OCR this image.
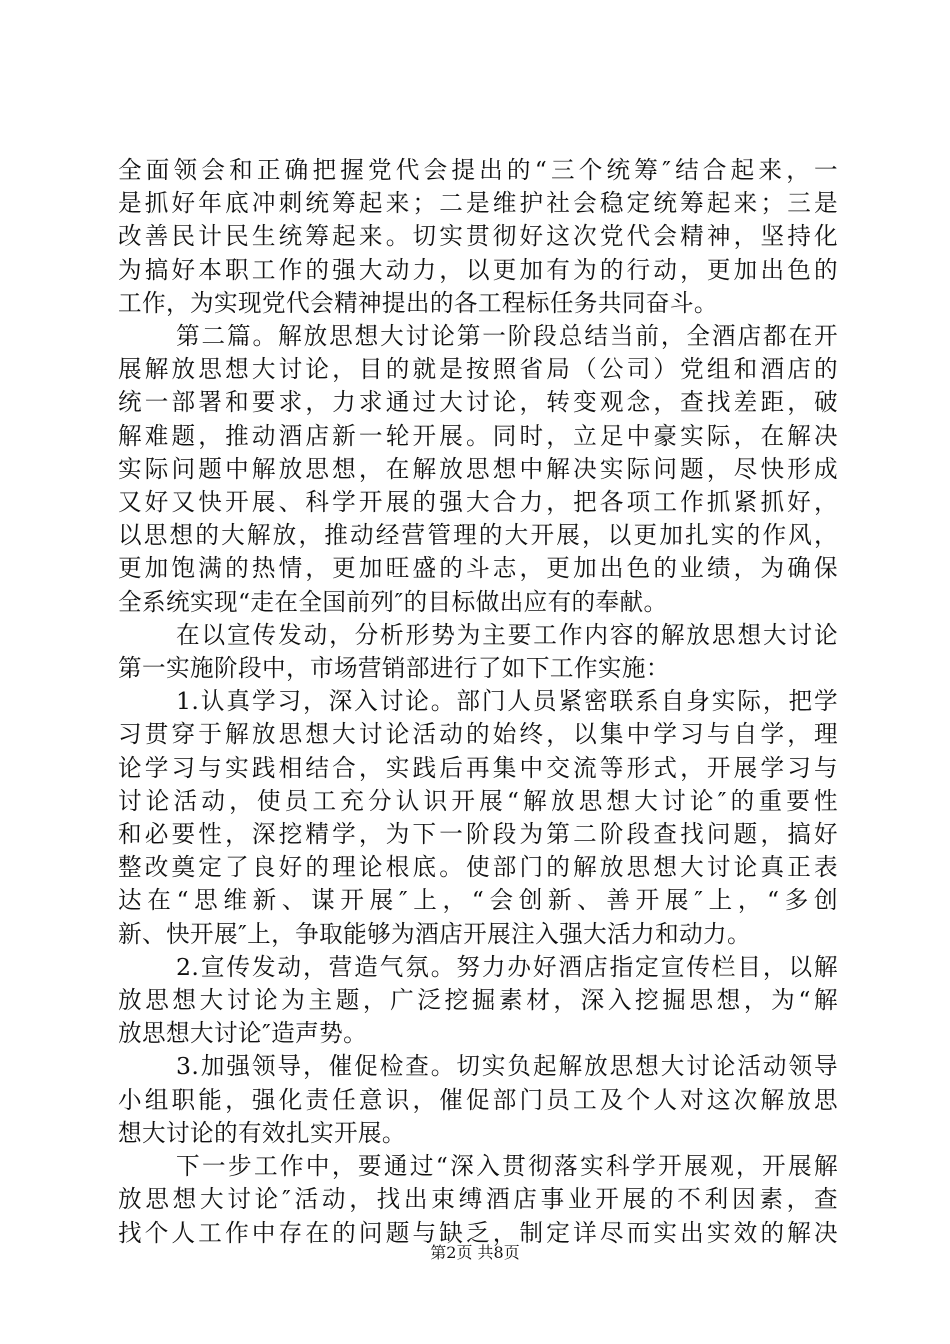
全面领会和正确把握党代会提出的“三个统筹″结合起来，一
是抓好年底冲刺统筹起来；二是维护社会稳定统筹起来；三是
改善民计民生统筹起来。切实贯彻好这次党代会精神，坚持化
为搞好本职工作的强大动力，以更加有为的行动，更加出色的
工作，为实现党代会精神提出的各工程标任务共同奋斗。
第二篇。解放思想大讨论第一阶段总结当前，全酒店都在开
展解放思想大讨论，目的就是按照省局（公司）党组和酒店的
统一部署和要求，力求通过大讨论，转变观念，查找差距，破
解难题，推动酒店新一轮开展。同时，立足中豪实际，在解决
实际问题中解放思想，在解放思想中解决实际问题，尽快形成
又好又快开展、科学开展的强大合力，把各项工作抓紧抓好，
以思想的大解放，推动经营管理的大开展，以更加扎实的作风，
更加饱满的热情，更加旺盛的斗志，更加出色的业绩，为确保
全系统实现“走在全国前列″的目标做出应有的奉献。
在以宣传发动，分析形势为主要工作内容的解放思想大讨论
第一实施阶段中，市场营销部进行了如下工作实施：
1.认真学习，深入讨论。部门人员紧密联系自身实际，把学
习贯穿于解放思想大讨论活动的始终，以集中学习与自学，理
论学习与实践相结合，实践后再集中交流等形式，开展学习与
讨论活动，使员工充分认识开展“解放思想大讨论″的重要性
和必要性，深挖精学，为下一阶段为第二阶段查找问题，搞好
整改奠定了良好的理论根底。使部门的解放思想大讨论真正表
达在“思维新、谋开展″上，“会创新、善开展″上，“多创
新、快开展″上，争取能够为酒店开展注入强大活力和动力。
2.宣传发动，营造气氛。努力办好酒店指定宣传栏目，以解
放思想大讨论为主题，广泛挖掘素材，深入挖掘思想，为“解
放思想大讨论″造声势。
3.加强领导，催促检查。切实负起解放思想大讨论活动领导
小组职能，强化责任意识，催促部门员工及个人对这次解放思
想大讨论的有效扎实开展。
下一步工作中，要通过“深入贯彻落实科学开展观，开展解
放思想大讨论″活动，找出束缚酒店事业开展的不利因素，查
找个人工作中存在的问题与缺乏，制定详尽而实出实效的解决
第2页 共8页
